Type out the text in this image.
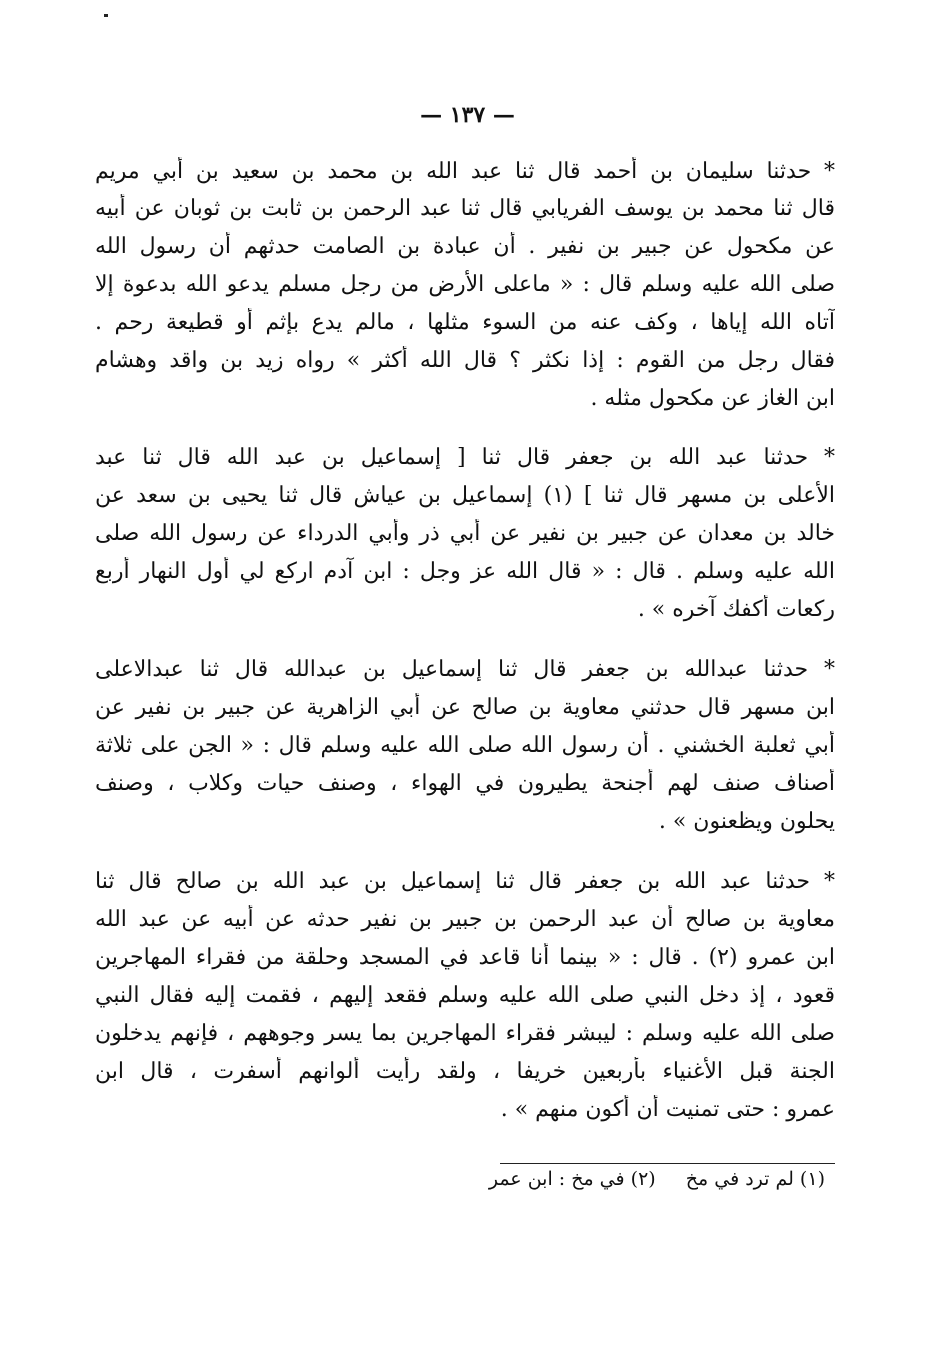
— ١٣٧ —
* حدثنا سليمان بن أحمد قال ثنا عبد الله بن محمد بن سعيد بن أبي مريم
قال ثنا محمد بن يوسف الفريابي قال ثنا عبد الرحمن بن ثابت بن ثوبان عن أبيه
عن مكحول عن جبير بن نفير . أن عبادة بن الصامت حدثهم أن رسول الله
صلى الله عليه وسلم قال : « ماعلى الأرض من رجل مسلم يدعو الله بدعوة إلا
آتاه الله إياها ، وكف عنه من السوء مثلها ، مالم يدع بإثم أو قطيعة رحم .
فقال رجل من القوم : إذا نكثر ؟ قال الله أكثر » رواه زيد بن واقد وهشام
ابن الغاز عن مكحول مثله .
* حدثنا عبد الله بن جعفر قال ثنا [ إسماعيل بن عبد الله قال ثنا عبد
الأعلى بن مسهر قال ثنا ] (١) إسماعيل بن عياش قال ثنا يحيى بن سعد عن
خالد بن معدان عن جبير بن نفير عن أبي ذر وأبي الدرداء عن رسول الله صلى
الله عليه وسلم . قال : « قال الله عز وجل : ابن آدم اركع لي أول النهار أربع
ركعات أكفك آخره » .
* حدثنا عبدالله بن جعفر قال ثنا إسماعيل بن عبدالله قال ثنا عبدالاعلى
ابن مسهر قال حدثني معاوية بن صالح عن أبي الزاهرية عن جبير بن نفير عن
أبي ثعلبة الخشني . أن رسول الله صلى الله عليه وسلم قال : « الجن على ثلاثة
أصناف صنف لهم أجنحة يطيرون في الهواء ، وصنف حيات وكلاب ، وصنف
يحلون ويظعنون » .
* حدثنا عبد الله بن جعفر قال ثنا إسماعيل بن عبد الله بن صالح قال ثنا
معاوية بن صالح أن عبد الرحمن بن جبير بن نفير حدثه عن أبيه عن عبد الله
ابن عمرو (٢) . قال : « بينما أنا قاعد في المسجد وحلقة من فقراء المهاجرين
قعود ، إذ دخل النبي صلى الله عليه وسلم فقعد إليهم ، فقمت إليه فقال النبي
صلى الله عليه وسلم : ليبشر فقراء المهاجرين بما يسر وجوههم ، فإنهم يدخلون
الجنة قبل الأغنياء بأربعين خريفا ، ولقد رأيت ألوانهم أسفرت ، قال ابن
عمرو : حتى تمنيت أن أكون منهم » .
(١) لم ترد في مخ (٢) في مخ : ابن عمر
